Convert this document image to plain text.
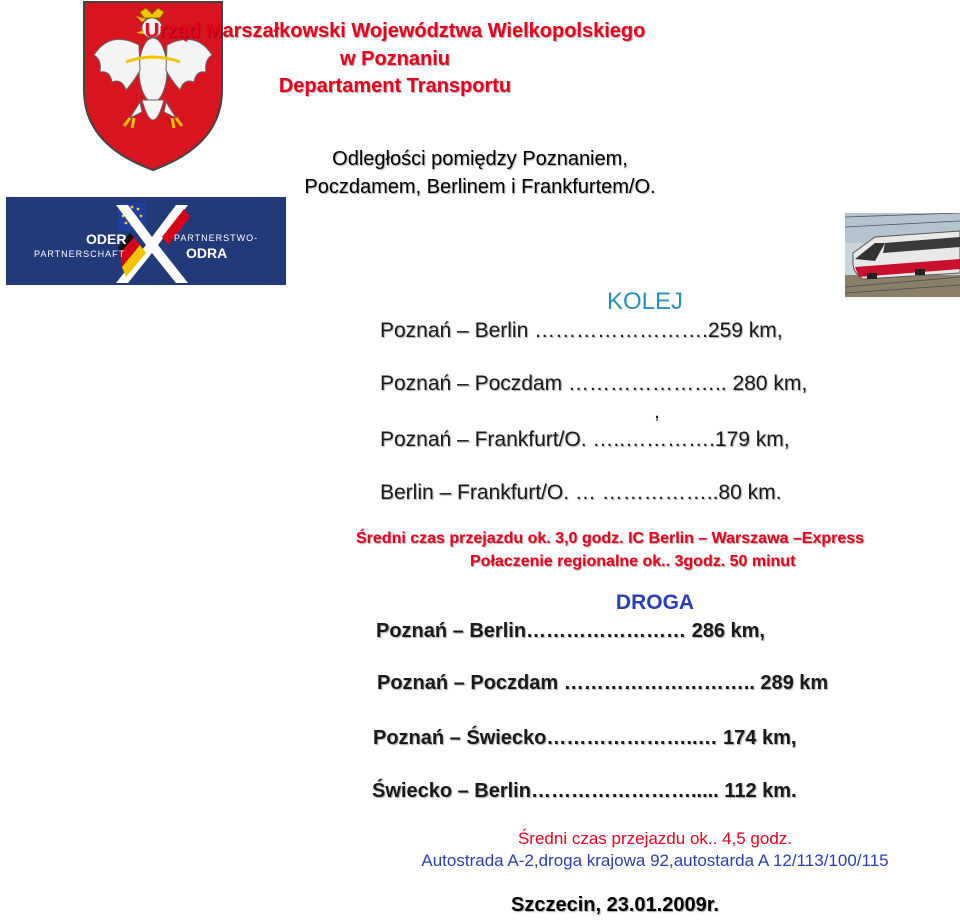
Urząd Marszałkowski Województwa Wielkopolskiego
w Poznaniu
Departament Transportu
Odległości pomiędzy Poznaniem,
Poczdamem, Berlinem i Frankfurtem/O.
ODER
PARTNERSCHAFT
PARTNERSTWO-
ODRA
KOLEJ
Poznań – Berlin …………………….259 km,
Poznań – Poczdam ………………….. 280 km,
,
Poznań – Frankfurt/O. …..………….179 km,
Berlin – Frankfurt/O. … ……………..80 km.
Średni czas przejazdu ok. 3,0 godz. IC Berlin – Warszawa –Express
Połaczenie regionalne ok.. 3godz. 50 minut
DROGA
Poznań – Berlin…………………… 286 km,
Poznań – Poczdam ……………………….. 289 km
Poznań – Świecko…………………..… 174 km,
Świecko – Berlin……………………..... 112 km.
Średni czas przejazdu ok.. 4,5 godz.
Autostrada A-2,droga krajowa 92,autostarda A 12/113/100/115
Szczecin, 23.01.2009r.
